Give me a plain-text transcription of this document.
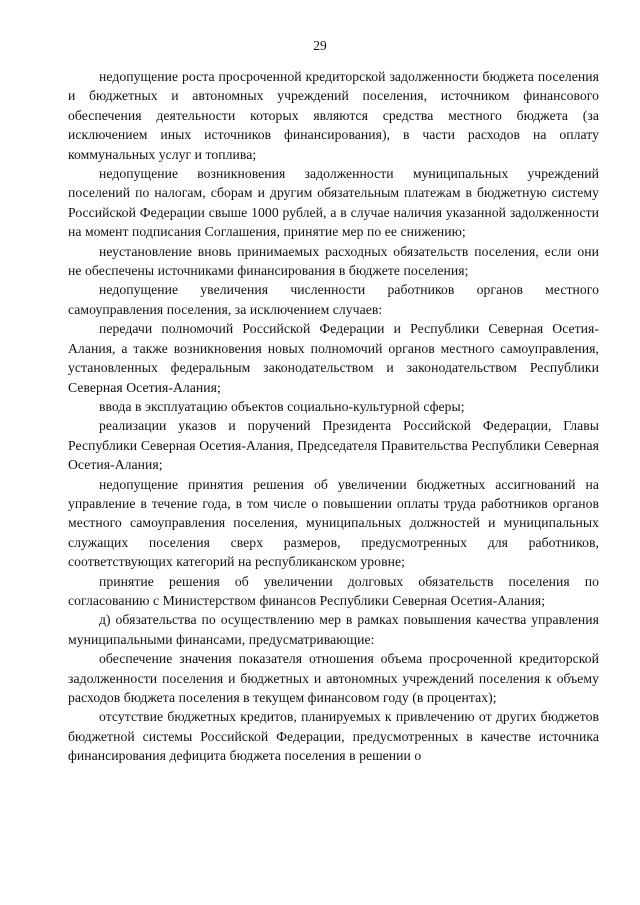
29

недопущение роста просроченной кредиторской задолженности бюджета поселения и бюджетных и автономных учреждений поселения, источником финансового обеспечения деятельности которых являются средства местного бюджета (за исключением иных источников финансирования), в части расходов на оплату коммунальных услуг и топлива;

недопущение возникновения задолженности муниципальных учреждений поселений по налогам, сборам и другим обязательным платежам в бюджетную систему Российской Федерации свыше 1000 рублей, а в случае наличия указанной задолженности на момент подписания Соглашения, принятие мер по ее снижению;

неустановление вновь принимаемых расходных обязательств поселения, если они не обеспечены источниками финансирования в бюджете поселения;

недопущение увеличения численности работников органов местного самоуправления поселения, за исключением случаев:

передачи полномочий Российской Федерации и Республики Северная Осетия-Алания, а также возникновения новых полномочий органов местного самоуправления, установленных федеральным законодательством и законодательством Республики Северная Осетия-Алания;

ввода в эксплуатацию объектов социально-культурной сферы;

реализации указов и поручений Президента Российской Федерации, Главы Республики Северная Осетия-Алания, Председателя Правительства Республики Северная Осетия-Алания;

недопущение принятия решения об увеличении бюджетных ассигнований на управление в течение года, в том числе о повышении оплаты труда работников органов местного самоуправления поселения, муниципальных должностей и муниципальных служащих поселения сверх размеров, предусмотренных для работников, соответствующих категорий на республиканском уровне;

принятие решения об увеличении долговых обязательств поселения по согласованию с Министерством финансов Республики Северная Осетия-Алания;

д) обязательства по осуществлению мер в рамках повышения качества управления муниципальными финансами, предусматривающие:

обеспечение значения показателя отношения объема просроченной кредиторской задолженности поселения и бюджетных и автономных учреждений поселения к объему расходов бюджета поселения в текущем финансовом году (в процентах);

отсутствие бюджетных кредитов, планируемых к привлечению от других бюджетов бюджетной системы Российской Федерации, предусмотренных в качестве источника финансирования дефицита бюджета поселения в решении о
